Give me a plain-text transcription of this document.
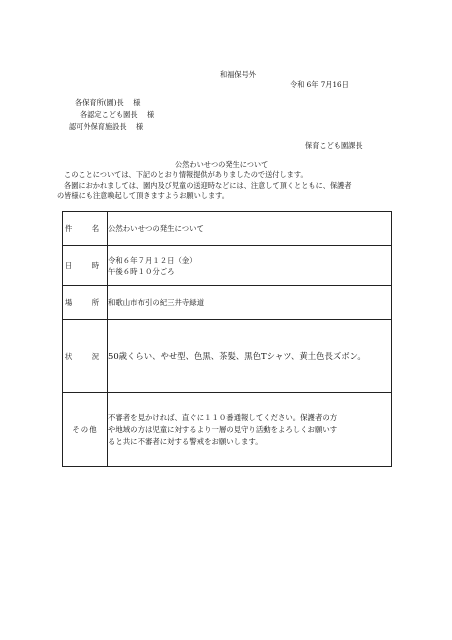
和福保号外
令和 6年 7月16日
各保育所(園)長　 様
各認定こども園長　 様
認可外保育施設長　 様
保育こども園課長
公然わいせつの発生について
このことについては、下記のとおり情報提供がありましたので送付します。
各園におかれましては、園内及び児童の送迎時などには、注意して頂くとともに、保護者
の皆様にも注意喚起して頂きますようお願いします。
件　名	公然わいせつの発生について
日　時	令和６年７月１２日（金）
午後６時１０分ごろ

場　所	和歌山市布引の紀三井寺緑道
状　況	50歳くらい、やせ型、色黒、茶髪、黒色Tシャツ、黄土色長ズボン。
その他	不審者を見かければ、直ぐに１１０番通報してください。保護者の方
や地域の方は児童に対するより一層の見守り活動をよろしくお願いす
ると共に不審者に対する警戒をお願いします。
